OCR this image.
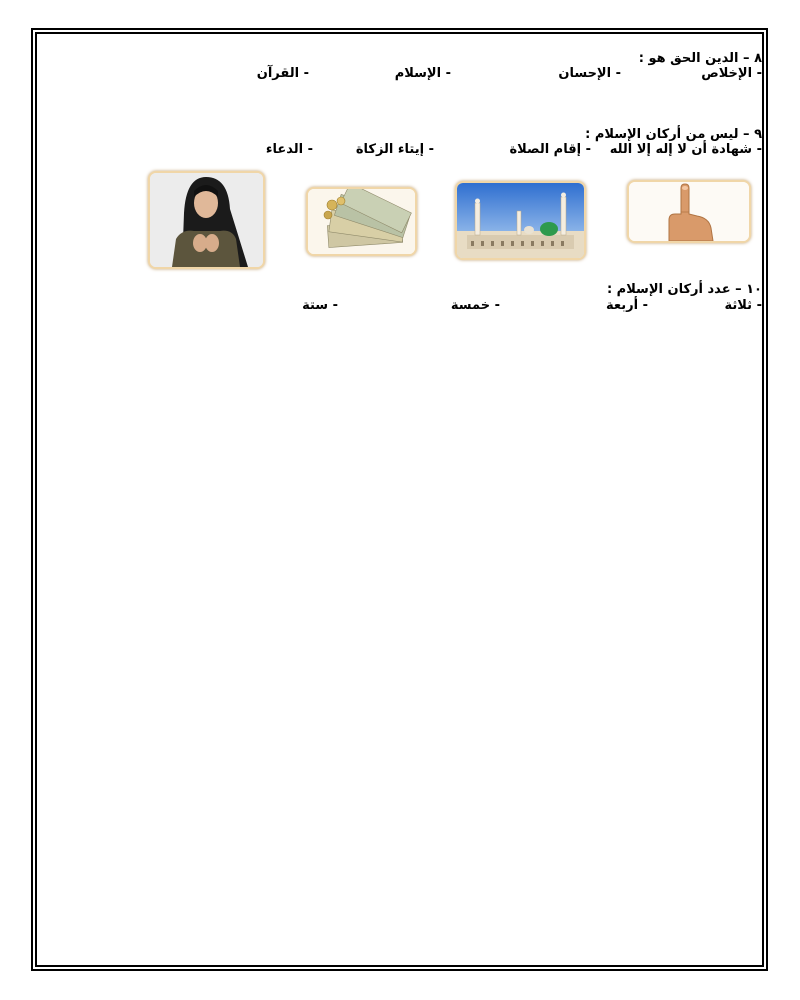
٨ – الدين الحق هو :
- الإخلاص
- الإحسان
- الإسلام
- القرآن
٩ – ليس من أركان الإسلام :
- شهادة أن لا إله إلا الله
- إقام الصلاة
- إيتاء الزكاة
- الدعاء
١٠ – عدد أركان الإسلام :
- ثلاثة
- أربعة
- خمسة
- ستة
